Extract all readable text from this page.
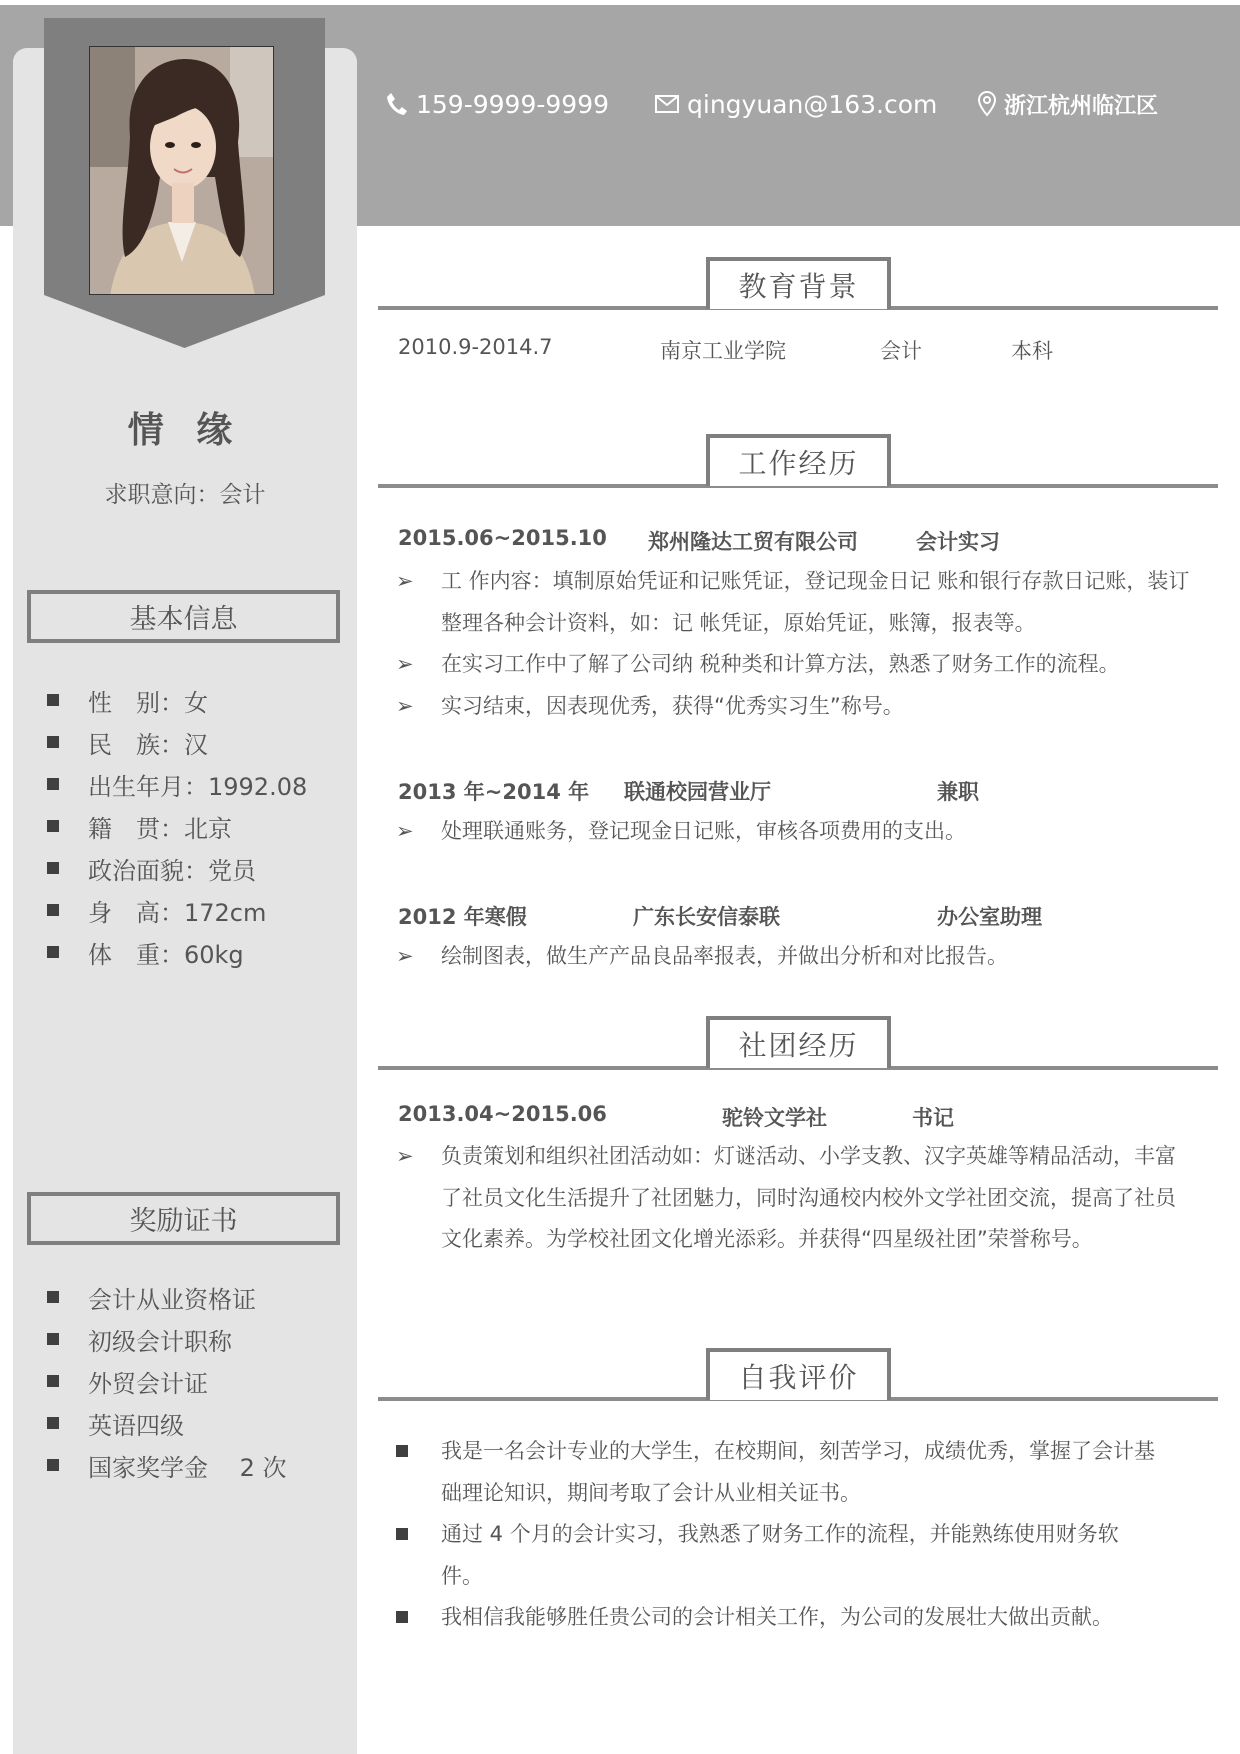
159-9999-9999	qingyuan@163.com	浙江杭州临江区
情 缘
求职意向：会计
基本信息
性　别：女
民　族：汉
出生年月：1992.08
籍　贯：北京
政治面貌：党员
身　高：172cm
体　重：60kg
奖励证书
会计从业资格证
初级会计职称
外贸会计证
英语四级
国家奖学金　 2 次
教育背景
2010.9-2014.7	南京工业学院	会计	本科
工作经历
2015.06~2015.10 郑州隆达工贸有限公司	会计实习
➢	工 作内容：填制原始凭证和记账凭证，登记现金日记 账和银行存款日记账，装订整理各种会计资料，如：记 帐凭证，原始凭证，账簿，报表等。
➢	在实习工作中了解了公司纳 税种类和计算方法，熟悉了财务工作的流程。
➢	实习结束，因表现优秀，获得“优秀实习生”称号。
2013 年~2014 年 联通校园营业厅	兼职
➢	处理联通账务，登记现金日记账，审核各项费用的支出。
2012 年寒假	广东长安信泰联	办公室助理
➢	绘制图表，做生产产品良品率报表，并做出分析和对比报告。
社团经历
2013.04~2015.06	驼铃文学社	书记
➢	负责策划和组织社团活动如：灯谜活动、小学支教、汉字英雄等精品活动，丰富了社员文化生活提升了社团魅力，同时沟通校内校外文学社团交流，提高了社员文化素养。为学校社团文化增光添彩。并获得“四星级社团”荣誉称号。
自我评价
我是一名会计专业的大学生，在校期间，刻苦学习，成绩优秀，掌握了会计基础理论知识，期间考取了会计从业相关证书。
通过 4 个月的会计实习，我熟悉了财务工作的流程，并能熟练使用财务软件。
我相信我能够胜任贵公司的会计相关工作，为公司的发展壮大做出贡献。
